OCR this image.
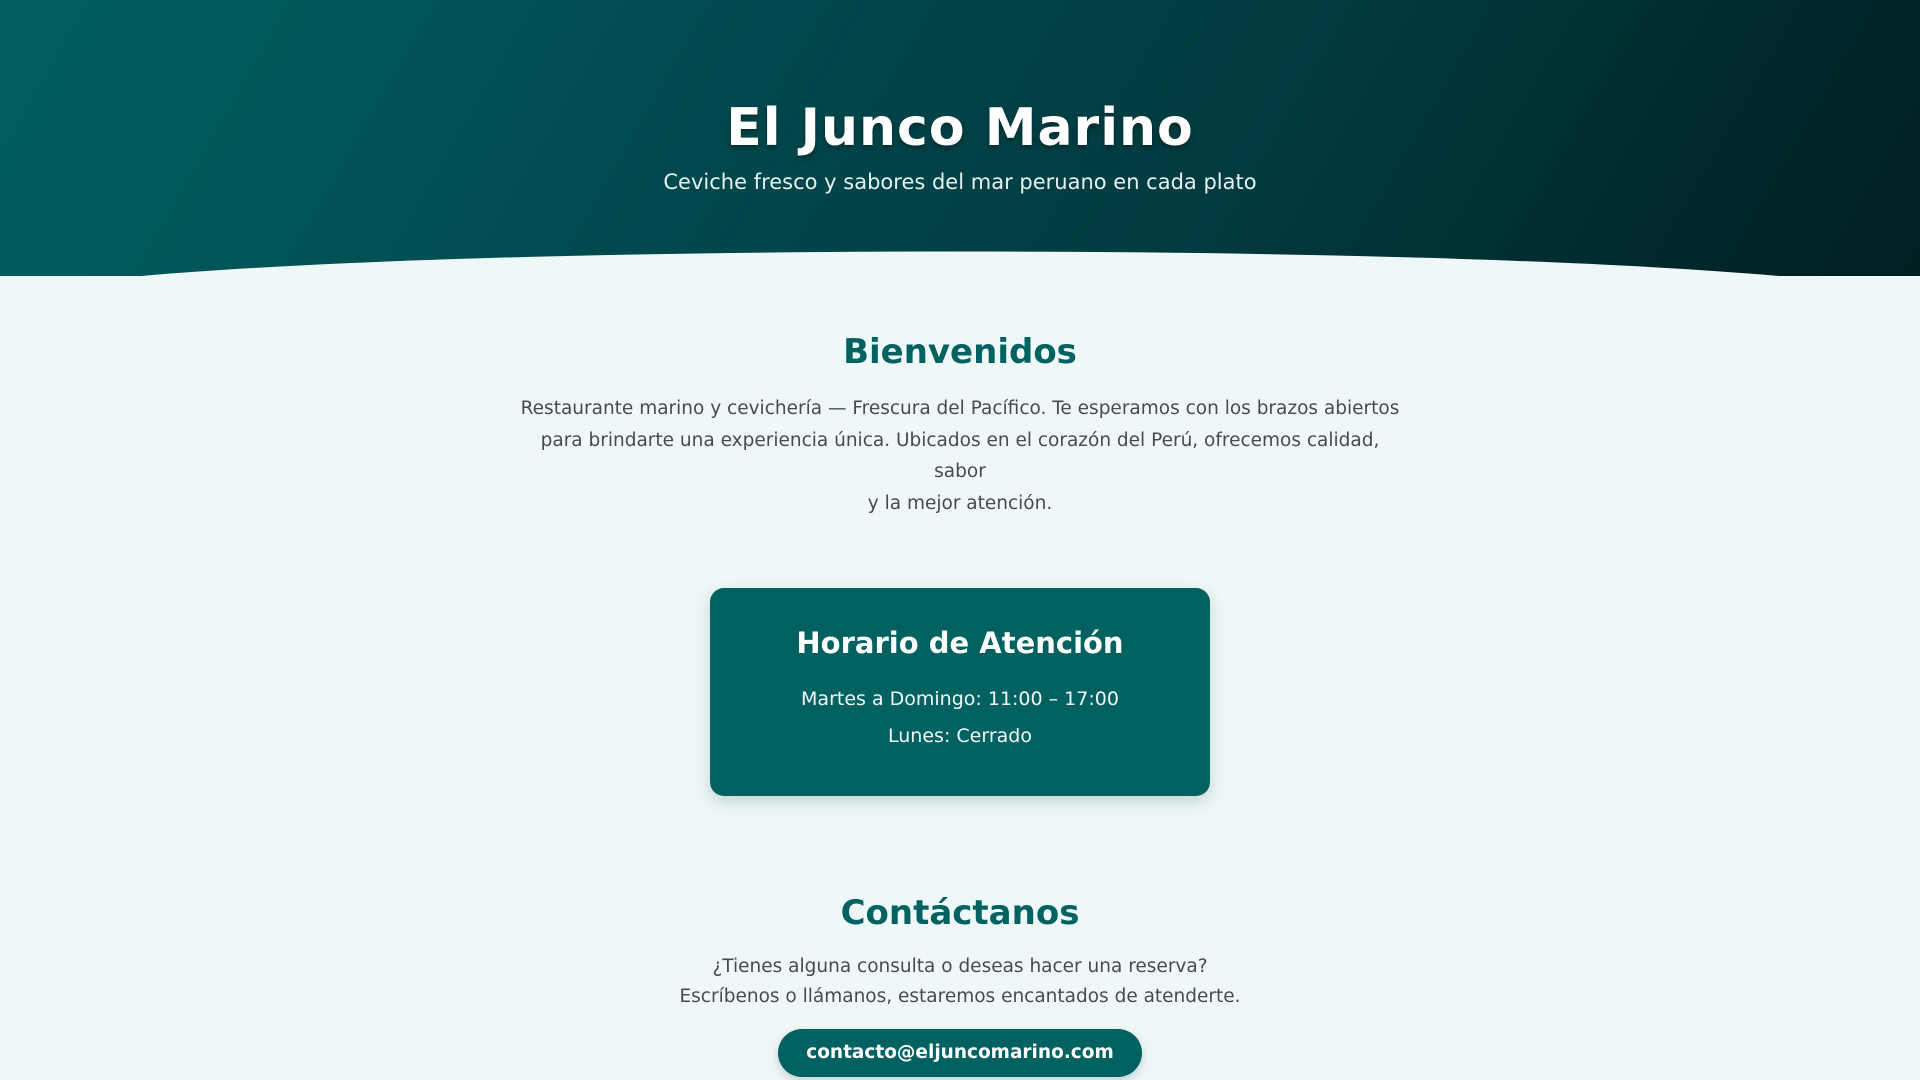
El Junco Marino

Ceviche fresco y sabores del mar peruano en cada plato

Bienvenidos

Restaurante marino y cevichería — Frescura del Pacífico. Te esperamos con los brazos abiertos
para brindarte una experiencia única. Ubicados en el corazón del Perú, ofrecemos calidad, sabor
y la mejor atención.

Horario de Atención

Martes a Domingo: 11:00 – 17:00

Lunes: Cerrado

Contáctanos

¿Tienes alguna consulta o deseas hacer una reserva?
Escríbenos o llámanos, estaremos encantados de atenderte.

contacto@eljuncomarino.com
